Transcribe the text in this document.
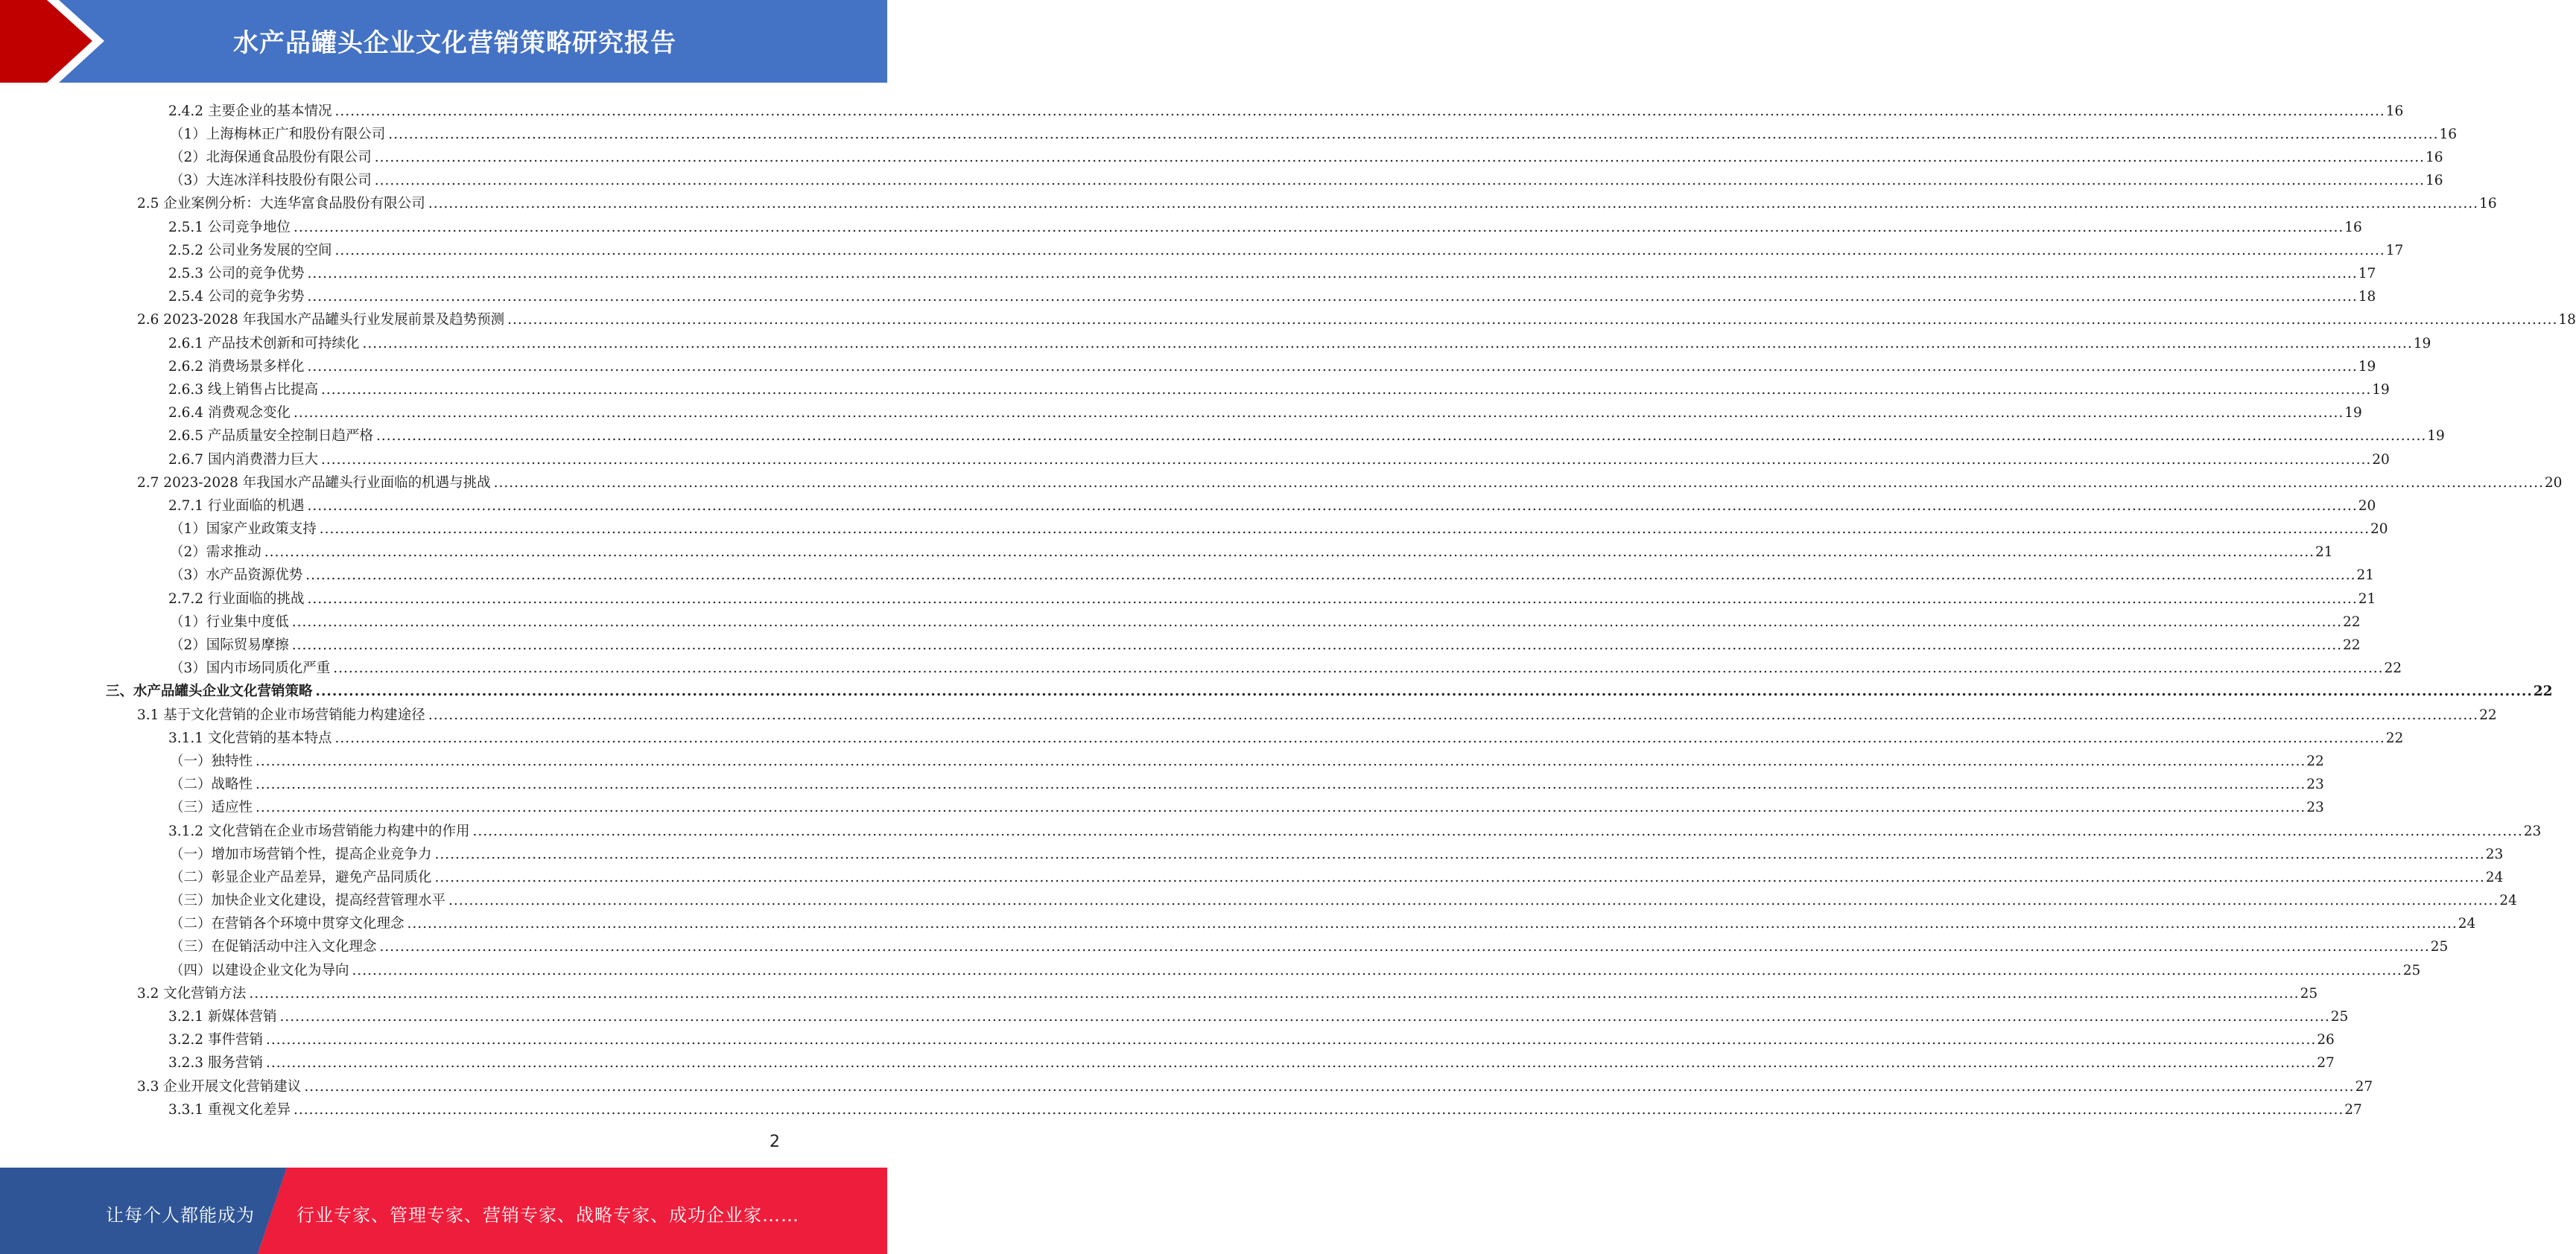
水产品罐头企业文化营销策略研究报告
2.4.2 主要企业的基本情况 ................................................................................................................................................................................................................................................................................................................................................................................................................ 16
（1）上海梅林正广和股份有限公司 ................................................................................................................................................................................................................................................................................................................................................................................................................ 16
（2）北海保通食品股份有限公司 ................................................................................................................................................................................................................................................................................................................................................................................................................ 16
（3）大连冰洋科技股份有限公司 ................................................................................................................................................................................................................................................................................................................................................................................................................ 16
2.5 企业案例分析：大连华富食品股份有限公司 ................................................................................................................................................................................................................................................................................................................................................................................................................ 16
2.5.1 公司竞争地位 ................................................................................................................................................................................................................................................................................................................................................................................................................ 16
2.5.2 公司业务发展的空间 ................................................................................................................................................................................................................................................................................................................................................................................................................ 17
2.5.3 公司的竞争优势 ................................................................................................................................................................................................................................................................................................................................................................................................................ 17
2.5.4 公司的竞争劣势 ................................................................................................................................................................................................................................................................................................................................................................................................................ 18
2.6 2023-2028 年我国水产品罐头行业发展前景及趋势预测 ................................................................................................................................................................................................................................................................................................................................................................................................................ 18
2.6.1 产品技术创新和可持续化 ................................................................................................................................................................................................................................................................................................................................................................................................................ 19
2.6.2 消费场景多样化 ................................................................................................................................................................................................................................................................................................................................................................................................................ 19
2.6.3 线上销售占比提高 ................................................................................................................................................................................................................................................................................................................................................................................................................ 19
2.6.4 消费观念变化 ................................................................................................................................................................................................................................................................................................................................................................................................................ 19
2.6.5 产品质量安全控制日趋严格 ................................................................................................................................................................................................................................................................................................................................................................................................................ 19
2.6.7 国内消费潜力巨大 ................................................................................................................................................................................................................................................................................................................................................................................................................ 20
2.7 2023-2028 年我国水产品罐头行业面临的机遇与挑战 ................................................................................................................................................................................................................................................................................................................................................................................................................ 20
2.7.1 行业面临的机遇 ................................................................................................................................................................................................................................................................................................................................................................................................................ 20
（1）国家产业政策支持 ................................................................................................................................................................................................................................................................................................................................................................................................................ 20
（2）需求推动 ................................................................................................................................................................................................................................................................................................................................................................................................................ 21
（3）水产品资源优势 ................................................................................................................................................................................................................................................................................................................................................................................................................ 21
2.7.2 行业面临的挑战 ................................................................................................................................................................................................................................................................................................................................................................................................................ 21
（1）行业集中度低 ................................................................................................................................................................................................................................................................................................................................................................................................................ 22
（2）国际贸易摩擦 ................................................................................................................................................................................................................................................................................................................................................................................................................ 22
（3）国内市场同质化严重 ................................................................................................................................................................................................................................................................................................................................................................................................................ 22
三、水产品罐头企业文化营销策略 ................................................................................................................................................................................................................................................................................................................................................................................................................ 22
3.1 基于文化营销的企业市场营销能力构建途径 ................................................................................................................................................................................................................................................................................................................................................................................................................ 22
3.1.1 文化营销的基本特点 ................................................................................................................................................................................................................................................................................................................................................................................................................ 22
（一）独特性 ................................................................................................................................................................................................................................................................................................................................................................................................................ 22
（二）战略性 ................................................................................................................................................................................................................................................................................................................................................................................................................ 23
（三）适应性 ................................................................................................................................................................................................................................................................................................................................................................................................................ 23
3.1.2 文化营销在企业市场营销能力构建中的作用 ................................................................................................................................................................................................................................................................................................................................................................................................................ 23
（一）增加市场营销个性，提高企业竞争力 ................................................................................................................................................................................................................................................................................................................................................................................................................ 23
（二）彰显企业产品差异，避免产品同质化 ................................................................................................................................................................................................................................................................................................................................................................................................................ 24
（三）加快企业文化建设，提高经营管理水平 ................................................................................................................................................................................................................................................................................................................................................................................................................ 24
（二）在营销各个环境中贯穿文化理念 ................................................................................................................................................................................................................................................................................................................................................................................................................ 24
（三）在促销活动中注入文化理念 ................................................................................................................................................................................................................................................................................................................................................................................................................ 25
（四）以建设企业文化为导向 ................................................................................................................................................................................................................................................................................................................................................................................................................ 25
3.2 文化营销方法 ................................................................................................................................................................................................................................................................................................................................................................................................................ 25
3.2.1 新媒体营销 ................................................................................................................................................................................................................................................................................................................................................................................................................ 25
3.2.2 事件营销 ................................................................................................................................................................................................................................................................................................................................................................................................................ 26
3.2.3 服务营销 ................................................................................................................................................................................................................................................................................................................................................................................................................ 27
3.3 企业开展文化营销建议 ................................................................................................................................................................................................................................................................................................................................................................................................................ 27
3.3.1 重视文化差异 ................................................................................................................................................................................................................................................................................................................................................................................................................ 27
2
让每个人都能成为 行业专家、管理专家、营销专家、战略专家、成功企业家……
